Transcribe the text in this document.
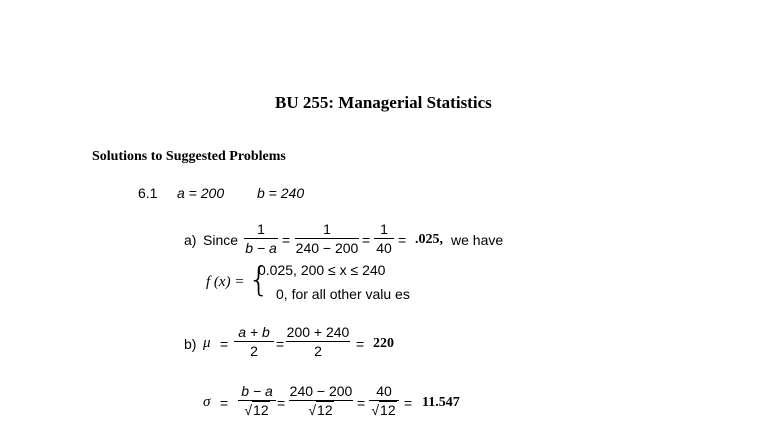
BU 255: Managerial Statistics
Solutions to Suggested Problems
6.1 a = 200 b = 240
a) Since
1
b − a =
1
240 − 200 =
1
40 = .025, we have
f (x) = {
0.025, 200 ≤ x ≤ 240
0, for all other valu es
b) μ =
a + b
2 =
200 + 240
2 = 220
σ =
b − a
√12 =
240 − 200
√12 =
40
√12 = 11.547
